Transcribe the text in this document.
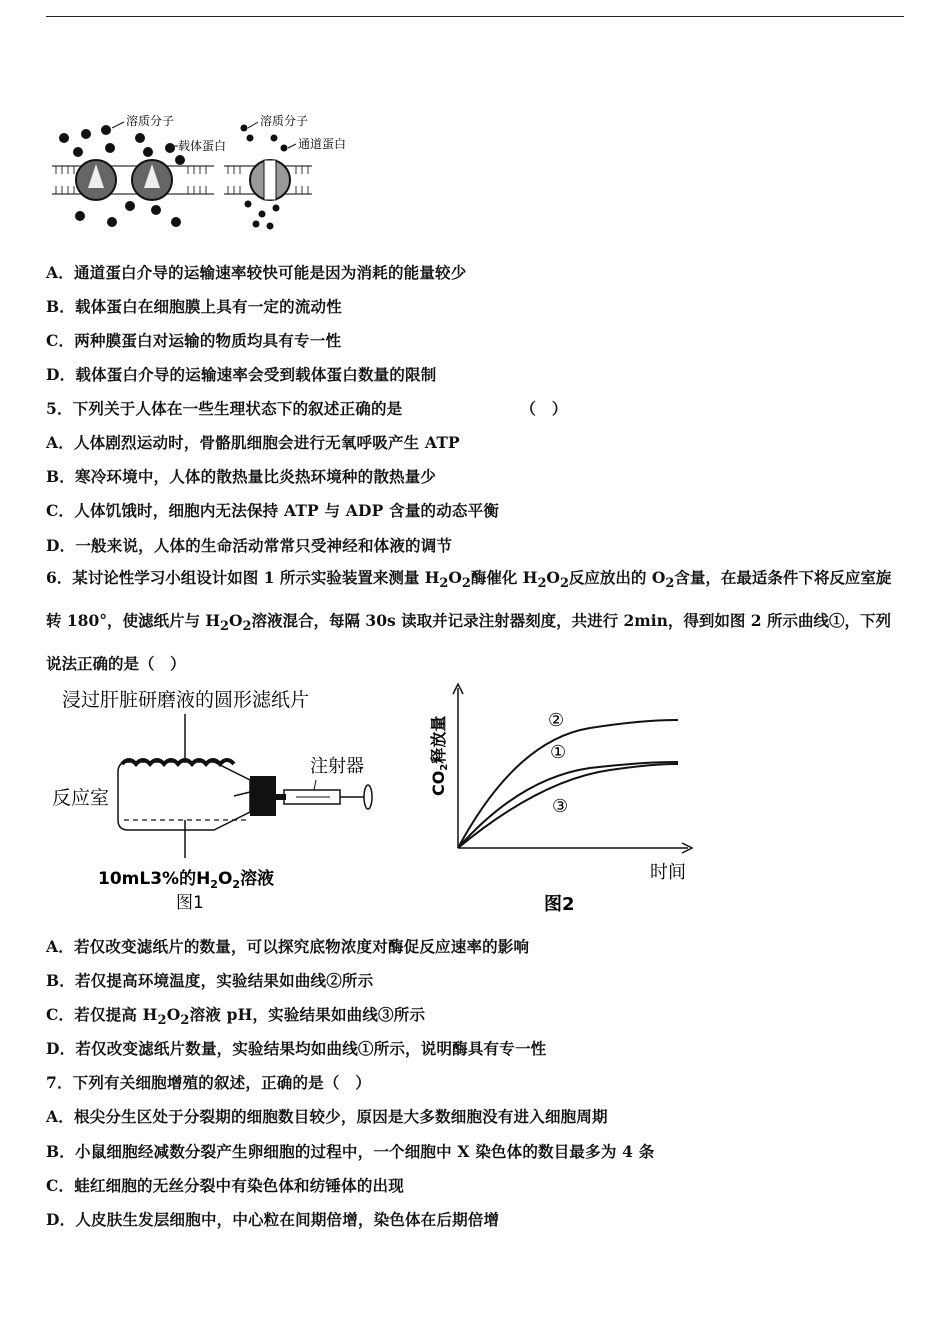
溶质分子
载体蛋白
溶质分子
通道蛋白
A．通道蛋白介导的运输速率较快可能是因为消耗的能量较少
B．载体蛋白在细胞膜上具有一定的流动性
C．两种膜蛋白对运输的物质均具有专一性
D．载体蛋白介导的运输速率会受到载体蛋白数量的限制
5．下列关于人体在一些生理状态下的叙述正确的是	（　）
A．人体剧烈运动时，骨骼肌细胞会进行无氧呼吸产生 ATP
B．寒冷环境中，人体的散热量比炎热环境种的散热量少
C．人体饥饿时，细胞内无法保持 ATP 与 ADP 含量的动态平衡
D．一般来说，人体的生命活动常常只受神经和体液的调节
6．某讨论性学习小组设计如图 1 所示实验装置来测量 $H_2O_2$酶催化 $H_2O_2$反应放出的 $O_2$含量，在最适条件下将反应室旋转 180°，使滤纸片与 $H_2O_2$溶液混合，每隔 30s 读取并记录注射器刻度，共进行 2min，得到如图 2 所示曲线①，下列说法正确的是（　）
浸过肝脏研磨液的圆形滤纸片
注射器
反应室
10mL3%的$H_2O_2$溶液
图1
CO2释放量	②
①
③
时间
图2
A．若仅改变滤纸片的数量，可以探究底物浓度对酶促反应速率的影响
B．若仅提高环境温度，实验结果如曲线②所示
C．若仅提高 $H_2O_2$溶液 pH，实验结果如曲线③所示
D．若仅改变滤纸片数量，实验结果均如曲线①所示，说明酶具有专一性
7．下列有关细胞增殖的叙述，正确的是（　）
A．根尖分生区处于分裂期的细胞数目较少，原因是大多数细胞没有进入细胞周期
B．小鼠细胞经减数分裂产生卵细胞的过程中，一个细胞中 X 染色体的数目最多为 4 条
C．蛙红细胞的无丝分裂中有染色体和纺锤体的出现
D．人皮肤生发层细胞中，中心粒在间期倍增，染色体在后期倍增
